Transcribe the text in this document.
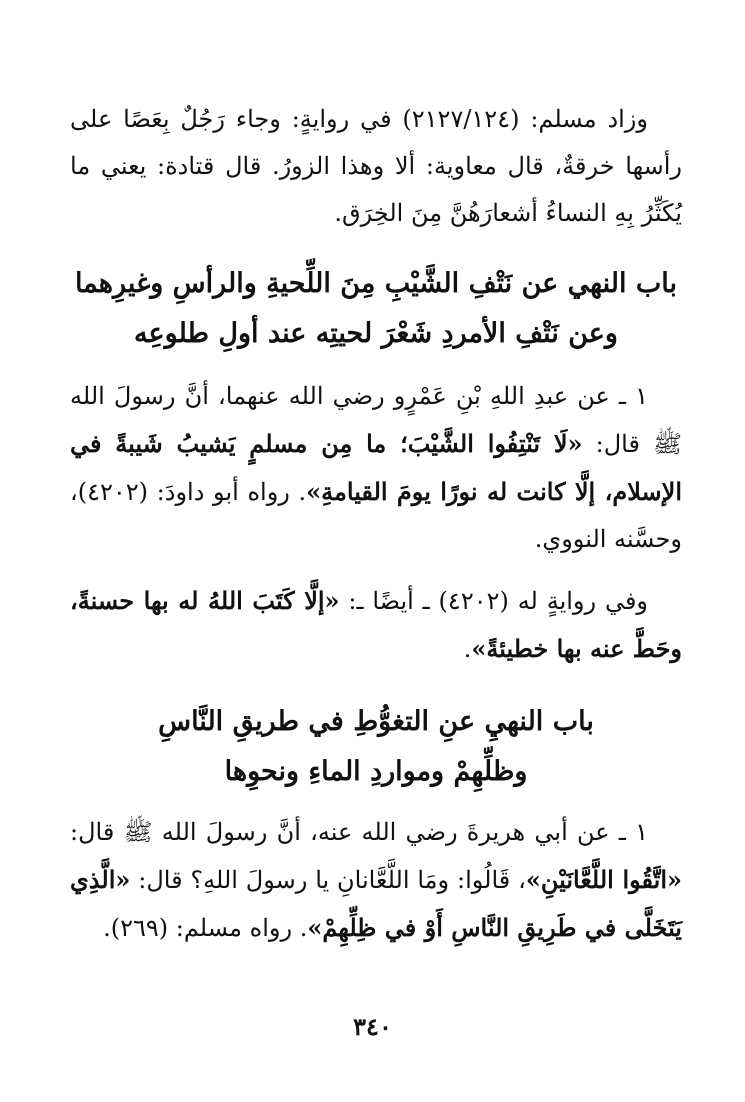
وزاد مسلم: (٢١٢٧/١٢٤) في روايةٍ: وجاء رَجُلٌ بِعَصًا على رأسها خرقةٌ، قال معاوية: ألا وهذا الزورُ. قال قتادة: يعني ما يُكَثِّرُ بِهِ النساءُ أشعارَهُنَّ مِنَ الخِرَق.

باب النهي عن نَتْفِ الشَّيْبِ مِنَ اللِّحيةِ والرأسِ وغيرِهما

وعن نَتْفِ الأمردِ شَعْرَ لحيتِه عند أولِ طلوعِه

١ ـ عن عبدِ اللهِ بْنِ عَمْرٍو رضي الله عنهما، أنَّ رسولَ الله ﷺ قال: «لَا تَنْتِفُوا الشَّيْبَ؛ ما مِن مسلمٍ يَشيبُ شَيبةً في الإسلام، إلَّا كانت له نورًا يومَ القيامةِ». رواه أبو داودَ: (٤٢٠٢)، وحسَّنه النووي.

وفي روايةٍ له (٤٢٠٢) ـ أيضًا ـ: «إلَّا كَتَبَ اللهُ له بها حسنةً، وحَطَّ عنه بها خطيئةً».

باب النهيِ عنِ التغوُّطِ في طريقِ النَّاسِ

وظلِّهِمْ ومواردِ الماءِ ونحوِها

١ ـ عن أبي هريرةَ رضي الله عنه، أنَّ رسولَ الله ﷺ قال: «اتَّقُوا اللَّعَّانَيْنِ»، قَالُوا: ومَا اللَّعَّانانِ يا رسولَ اللهِ؟ قال: «الَّذِي يَتَخَلَّى في طَرِيقِ النَّاسِ أَوْ في ظِلِّهِمْ». رواه مسلم: (٢٦٩).

٣٤٠
